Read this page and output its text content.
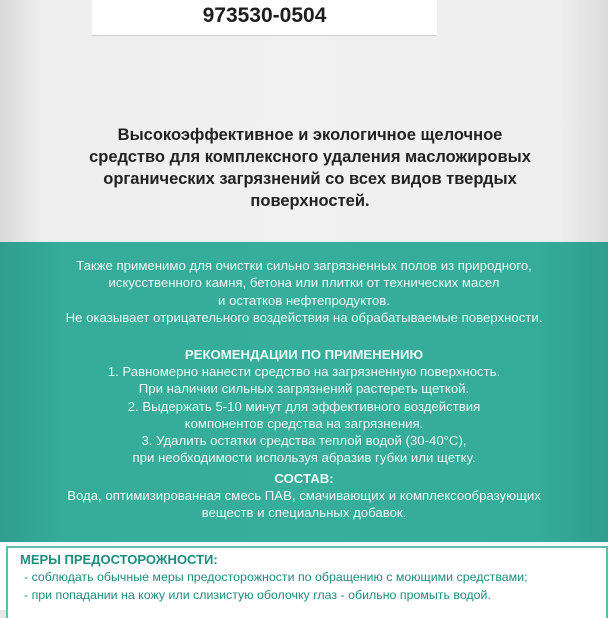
973530-0504
Высокоэффективное и экологичное щелочное
средство для комплексного удаления масложировых
органических загрязнений со всех видов твердых
поверхностей.
Также применимо для очистки сильно загрязненных полов из природного,
искусственного камня, бетона или плитки от технических масел
и остатков нефтепродуктов.
Не оказывает отрицательного воздействия на обрабатываемые поверхности.
РЕКОМЕНДАЦИИ ПО ПРИМЕНЕНИЮ
1. Равномерно нанести средство на загрязненную поверхность.
При наличии сильных загрязнений растереть щеткой.
2. Выдержать 5-10 минут для эффективного воздействия
компонентов средства на загрязнения.
3. Удалить остатки средства теплой водой (30-40°С),
при необходимости используя абразив губки или щетку.
СОСТАВ:
Вода, оптимизированная смесь ПАВ, смачивающих и комплексообразующих
веществ и специальных добавок.
МЕРЫ ПРЕДОСТОРОЖНОСТИ:
- соблюдать обычные меры предосторожности по обращению с моющими средствами;
- при попадании на кожу или слизистую оболочку глаз - обильно промыть водой.
